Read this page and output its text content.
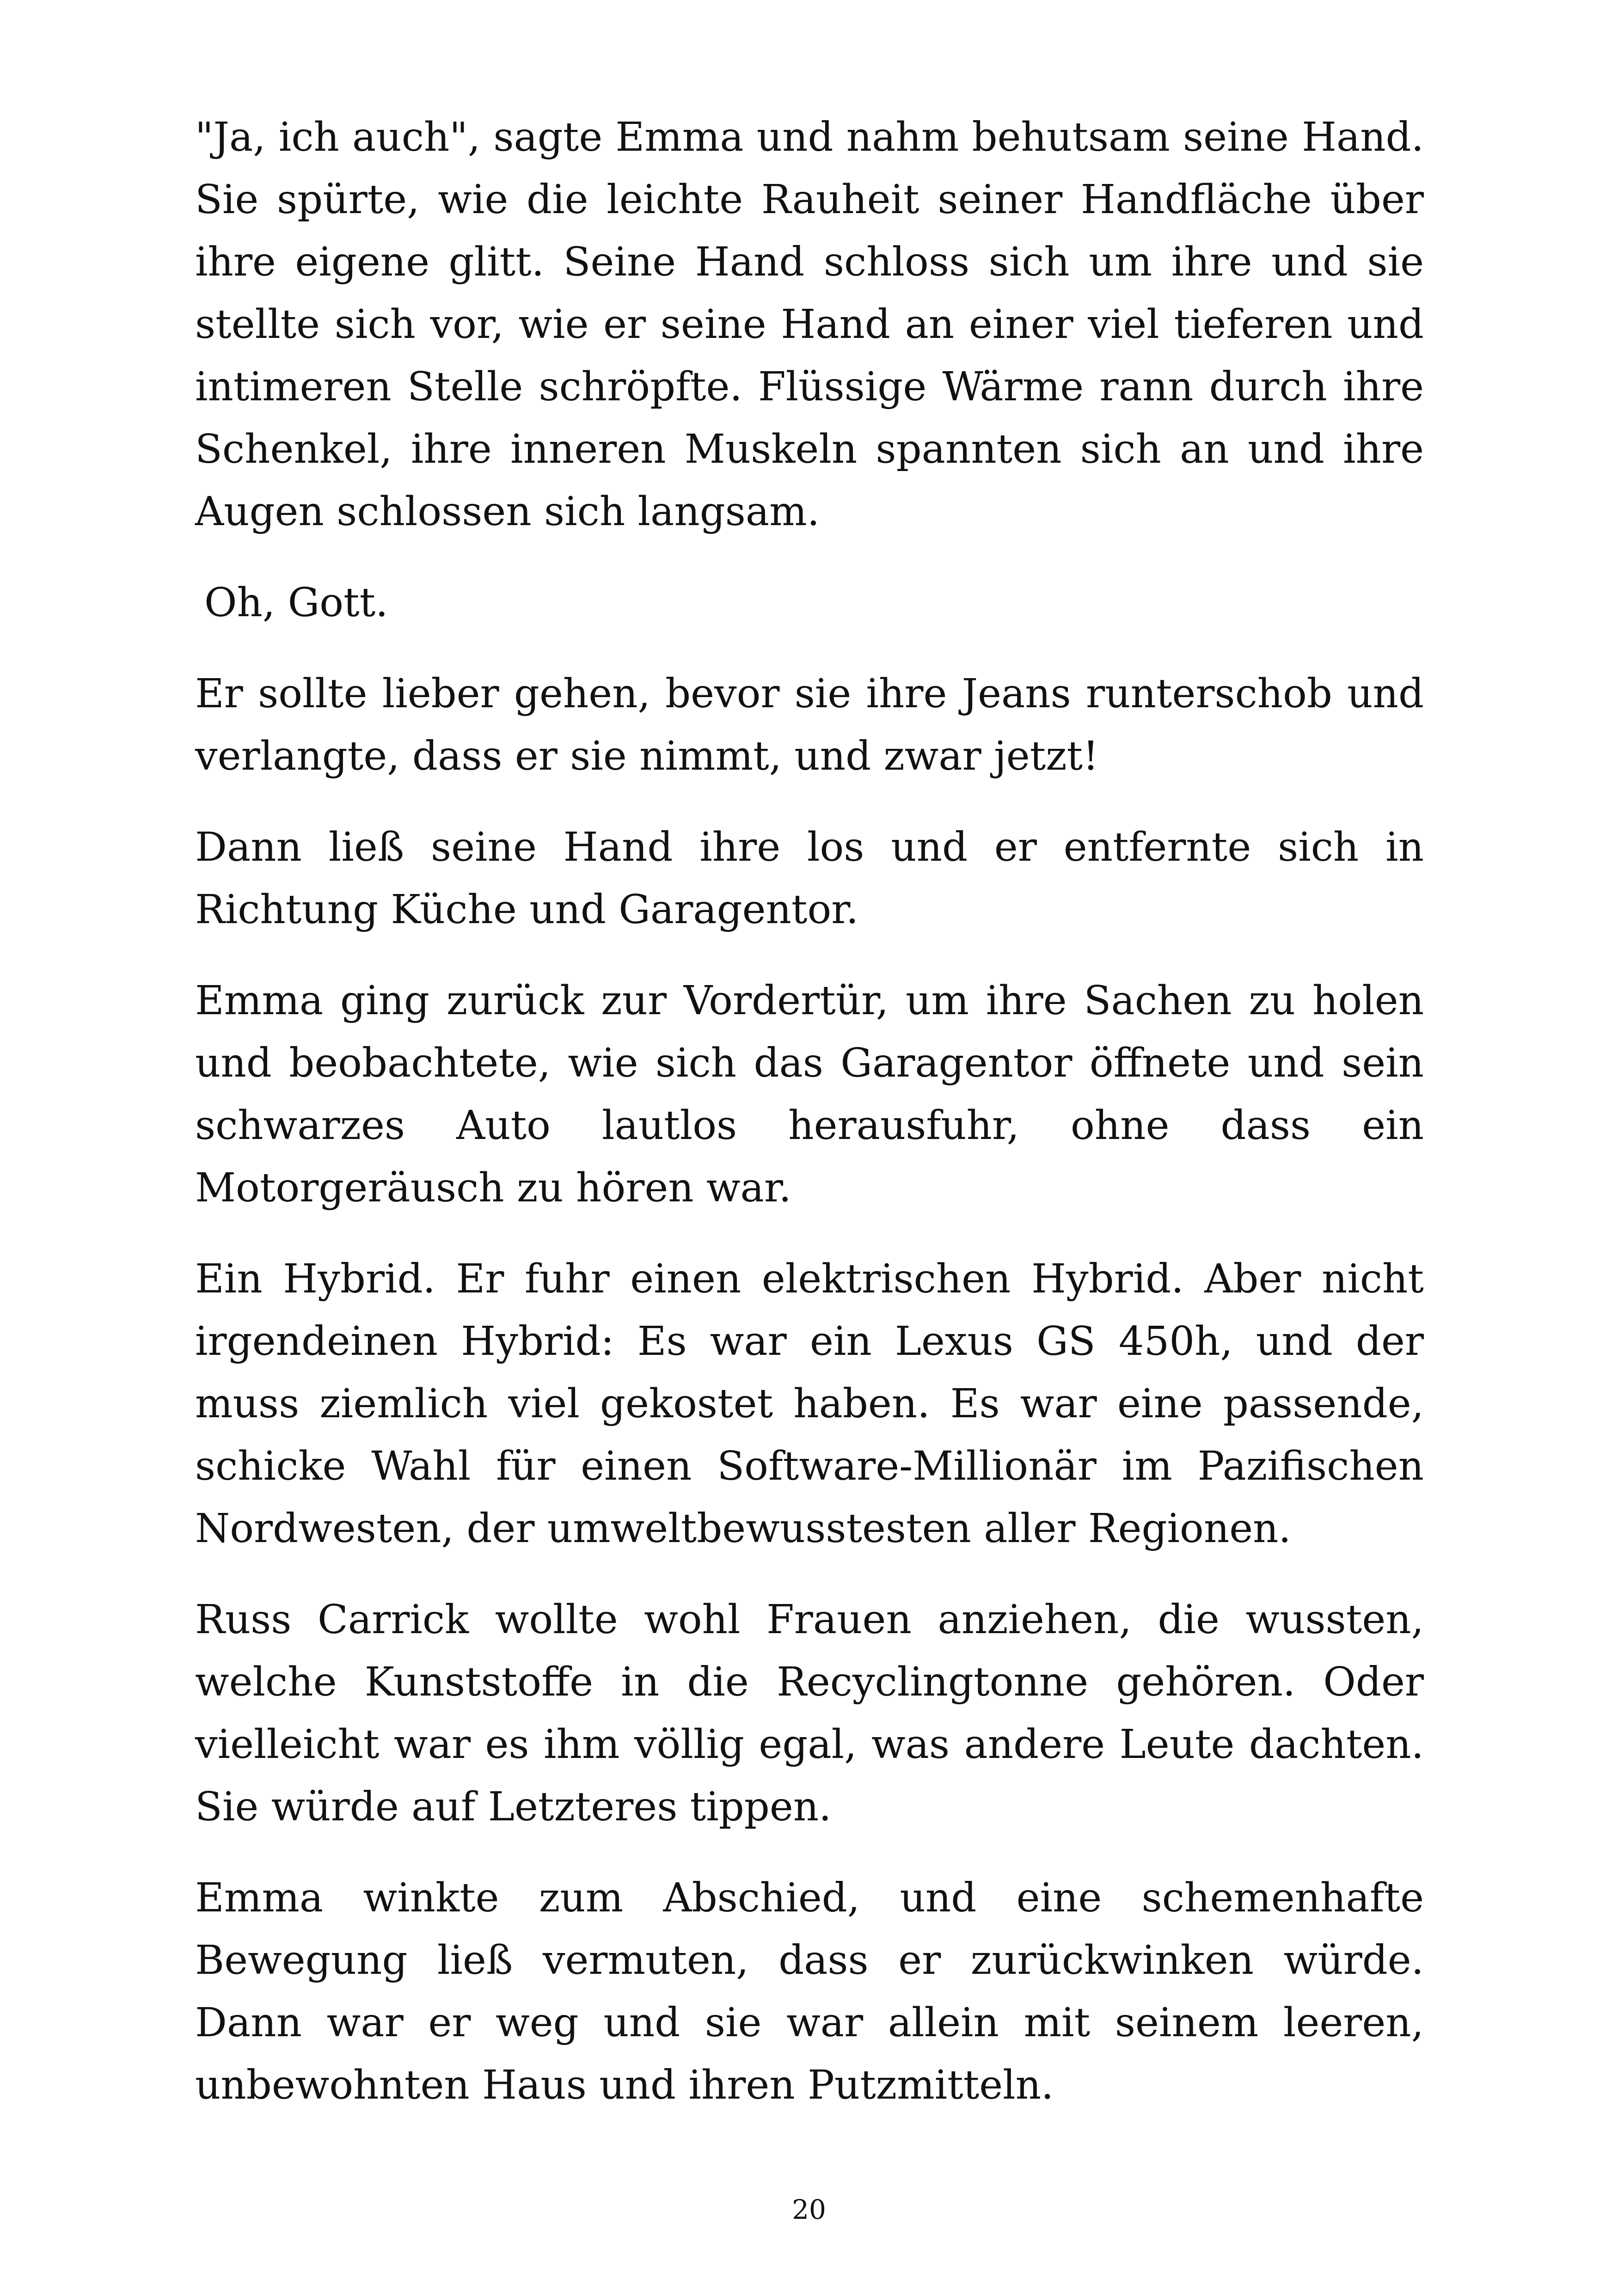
"Ja, ich auch", sagte Emma und nahm behutsam seine Hand. Sie spürte, wie die leichte Rauheit seiner Handfläche über ihre eigene glitt. Seine Hand schloss sich um ihre und sie stellte sich vor, wie er seine Hand an einer viel tieferen und intimeren Stelle schröpfte. Flüssige Wärme rann durch ihre Schenkel, ihre inneren Muskeln spannten sich an und ihre Augen schlossen sich langsam.

Oh, Gott.

Er sollte lieber gehen, bevor sie ihre Jeans runterschob und verlangte, dass er sie nimmt, und zwar jetzt!

Dann ließ seine Hand ihre los und er entfernte sich in Richtung Küche und Garagentor.

Emma ging zurück zur Vordertür, um ihre Sachen zu holen und beobachtete, wie sich das Garagentor öffnete und sein schwarzes Auto lautlos herausfuhr, ohne dass ein Motorgeräusch zu hören war.

Ein Hybrid. Er fuhr einen elektrischen Hybrid. Aber nicht irgendeinen Hybrid: Es war ein Lexus GS 450h, und der muss ziemlich viel gekostet haben. Es war eine passende, schicke Wahl für einen Software-Millionär im Pazifischen Nordwesten, der umweltbewusstesten aller Regionen.

Russ Carrick wollte wohl Frauen anziehen, die wussten, welche Kunststoffe in die Recyclingtonne gehören. Oder vielleicht war es ihm völlig egal, was andere Leute dachten. Sie würde auf Letzteres tippen.

Emma winkte zum Abschied, und eine schemenhafte Bewegung ließ vermuten, dass er zurückwinken würde. Dann war er weg und sie war allein mit seinem leeren, unbewohnten Haus und ihren Putzmitteln.

20
